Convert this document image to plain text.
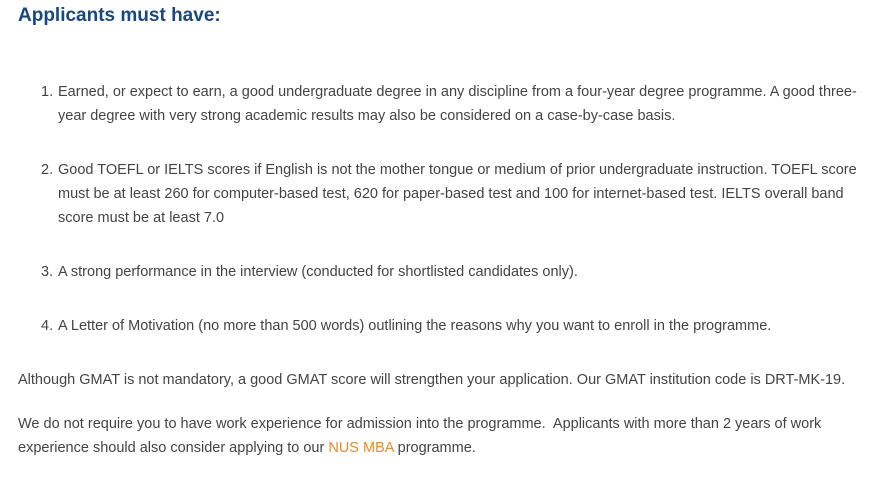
Applicants must have:
1. Earned, or expect to earn, a good undergraduate degree in any discipline from a four-year degree programme. A good three-year degree with very strong academic results may also be considered on a case-by-case basis.
2. Good TOEFL or IELTS scores if English is not the mother tongue or medium of prior undergraduate instruction. TOEFL score must be at least 260 for computer-based test, 620 for paper-based test and 100 for internet-based test. IELTS overall band score must be at least 7.0
3. A strong performance in the interview (conducted for shortlisted candidates only).
4. A Letter of Motivation (no more than 500 words) outlining the reasons why you want to enroll in the programme.

Although GMAT is not mandatory, a good GMAT score will strengthen your application. Our GMAT institution code is DRT-MK-19.

We do not require you to have work experience for admission into the programme.  Applicants with more than 2 years of work experience should also consider applying to our NUS MBA programme.
